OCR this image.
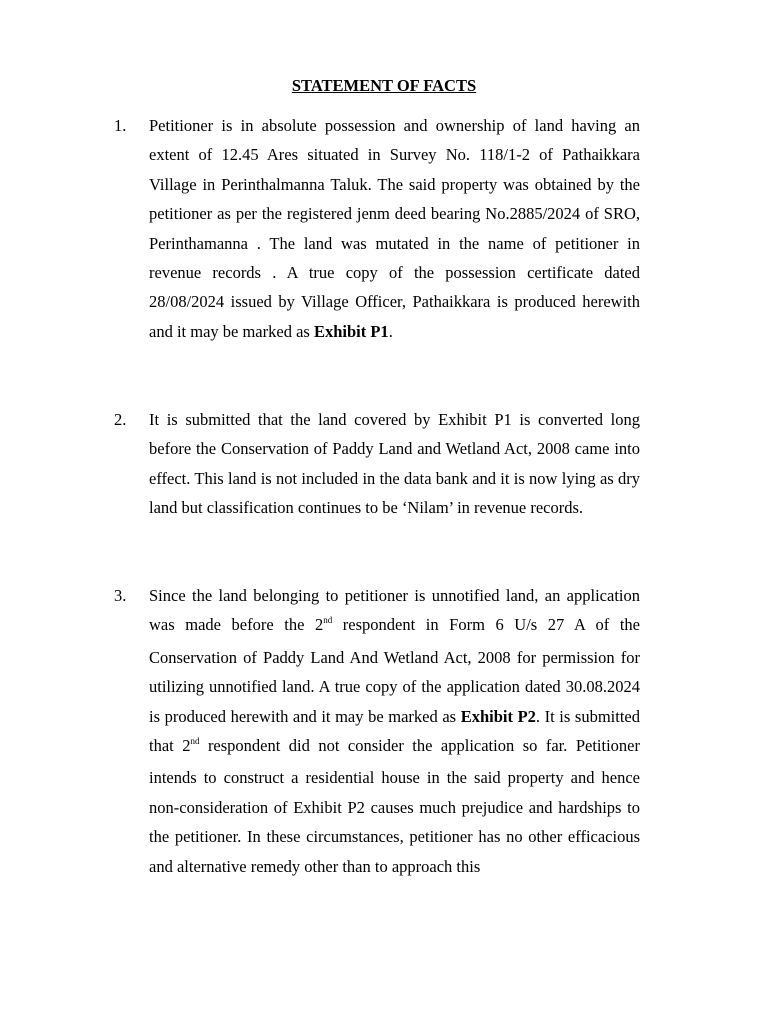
STATEMENT OF FACTS
1.	Petitioner is in absolute possession and ownership of land having an extent of 12.45 Ares situated in Survey No. 118/1-2 of Pathaikkara Village in Perinthalmanna Taluk. The said property was obtained by the petitioner as per the registered jenm deed bearing No.2885/2024 of SRO, Perinthamanna . The land was mutated in the name of petitioner in revenue records . A true copy of the possession certificate dated 28/08/2024 issued by Village Officer, Pathaikkara is produced herewith and it may be marked as Exhibit P1.
2.	It is submitted that the land covered by Exhibit P1 is converted long before the Conservation of Paddy Land and Wetland Act, 2008 came into effect. This land is not included in the data bank and it is now lying as dry land but classification continues to be ‘Nilam’ in revenue records.
3.	Since the land belonging to petitioner is unnotified land, an application was made before the 2nd respondent in Form 6 U/s 27 A of the Conservation of Paddy Land And Wetland Act, 2008 for permission for utilizing unnotified land. A true copy of the application dated 30.08.2024 is produced herewith and it may be marked as Exhibit P2. It is submitted that 2nd respondent did not consider the application so far. Petitioner intends to construct a residential house in the said property and hence non-consideration of Exhibit P2 causes much prejudice and hardships to the petitioner. In these circumstances, petitioner has no other efficacious and alternative remedy other than to approach this
